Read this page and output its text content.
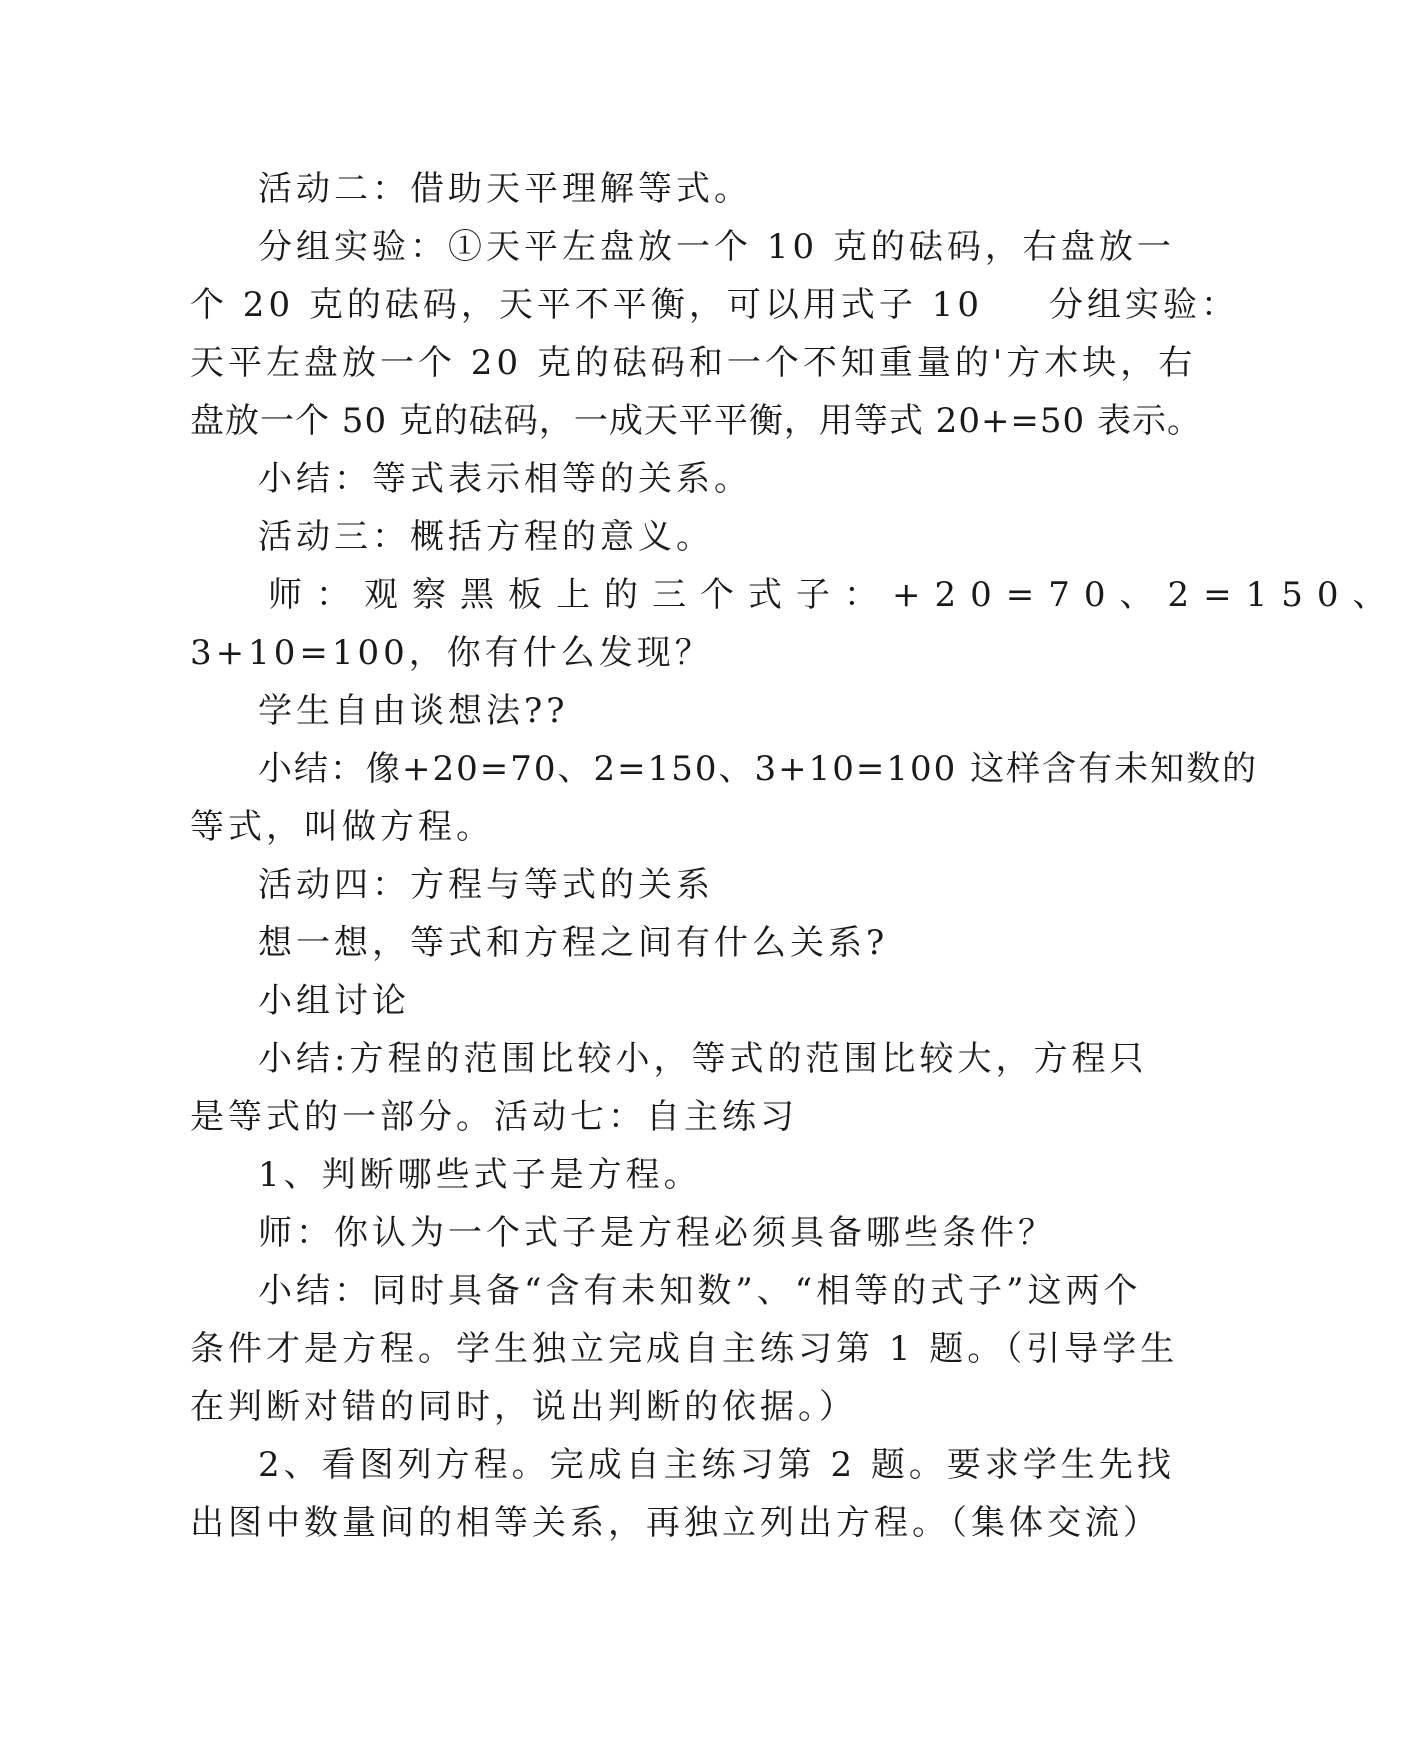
活动二：借助天平理解等式。
分组实验：①天平左盘放一个 10 克的砝码，右盘放一
个 20 克的砝码，天平不平衡，可以用式子 10 分组实验：
天平左盘放一个 20 克的砝码和一个不知重量的'方木块，右
盘放一个 50 克的砝码，一成天平平衡，用等式 20+=50 表示。
小结：等式表示相等的关系。
活动三：概括方程的意义。
师：观察黑板上的三个式子：+20=70、2=150、
3+10=100，你有什么发现？
学生自由谈想法??
小结：像+20=70、2=150、3+10=100 这样含有未知数的
等式，叫做方程。
活动四：方程与等式的关系
想一想，等式和方程之间有什么关系?
小组讨论
小结:方程的范围比较小，等式的范围比较大，方程只
是等式的一部分。活动七：自主练习
1、判断哪些式子是方程。
师：你认为一个式子是方程必须具备哪些条件？
小结：同时具备“含有未知数”、“相等的式子”这两个
条件才是方程。学生独立完成自主练习第 1 题。（引导学生
在判断对错的同时，说出判断的依据。）
2、看图列方程。完成自主练习第 2 题。要求学生先找
出图中数量间的相等关系，再独立列出方程。（集体交流）
